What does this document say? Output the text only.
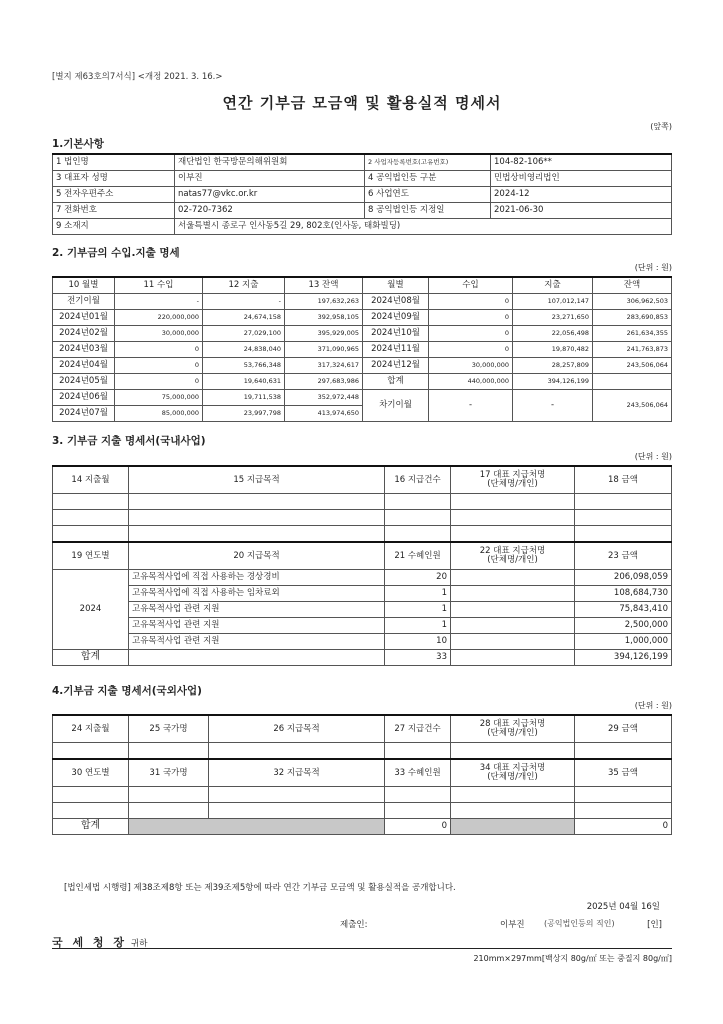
[별지 제63호의7서식] <개정 2021. 3. 16.>
연간 기부금 모금액 및 활용실적 명세서
(앞쪽)
1.기본사항
1 법인명	재단법인 한국방문의해위원회	2 사업자등록번호(고유번호)	104-82-106**
3 대표자 성명	이부진	4 공익법인등 구분	민법상비영리법인
5 전자우편주소	natas77@vkc.or.kr	6 사업연도	2024-12
7 전화번호	02-720-7362	8 공익법인등 지정일	2021-06-30
9 소재지	서울특별시 종로구 인사동5길 29, 802호(인사동, 태화빌딩)		
2. 기부금의 수입.지출 명세
(단위 : 원)
10 월별	11 수입	12 지출	13 잔액	월별	수입	지출	잔액
전기이월	-	-	197,632,263	2024년08월	0	107,012,147	306,962,503
2024년01월	220,000,000	24,674,158	392,958,105	2024년09월	0	23,271,650	283,690,853
2024년02월	30,000,000	27,029,100	395,929,005	2024년10월	0	22,056,498	261,634,355
2024년03월	0	24,838,040	371,090,965	2024년11월	0	19,870,482	241,763,873
2024년04월	0	53,766,348	317,324,617	2024년12월	30,000,000	28,257,809	243,506,064
2024년05월	0	19,640,631	297,683,986	합계	440,000,000	394,126,199	
2024년06월	75,000,000	19,711,538	352,972,448	차기이월	-	-	243,506,064
2024년07월	85,000,000	23,997,798	413,974,650				
3. 기부금 지출 명세서(국내사업)
(단위 : 원)
14 지출월	15 지급목적	16 지급건수	17 대표 지급처명
(단체명/개인)	18 금액

19 연도별	20 지급목적	21 수혜인원	22 대표 지급처명
(단체명/개인)	23 금액
2024	고유목적사업에 직접 사용하는 경상경비	20		206,098,059
	고유목적사업에 직접 사용하는 임차료외	1		108,684,730
	고유목적사업 관련 지원	1		75,843,410
	고유목적사업 관련 지원	1		2,500,000
	고유목적사업 관련 지원	10		1,000,000
합계		33		394,126,199
4.기부금 지출 명세서(국외사업)
(단위 : 원)
24 지출월	25 국가명	26 지급목적	27 지급건수	28 대표 지급처명
(단체명/개인)	29 금액

30 연도별	31 국가명	32 지급목적	33 수혜인원	34 대표 지급처명
(단체명/개인)	35 금액

합계			0		0
[법인세법 시행령] 제38조제8항 또는 제39조제5항에 따라 연간 기부금 모금액 및 활용실적을 공개합니다.
2025년 04월 16일
제출인:	이부진 (공익법인등의 직인)	[인]
국 세 청 장 귀하
210mm×297mm[백상지 80g/㎡ 또는 중질지 80g/㎡]
